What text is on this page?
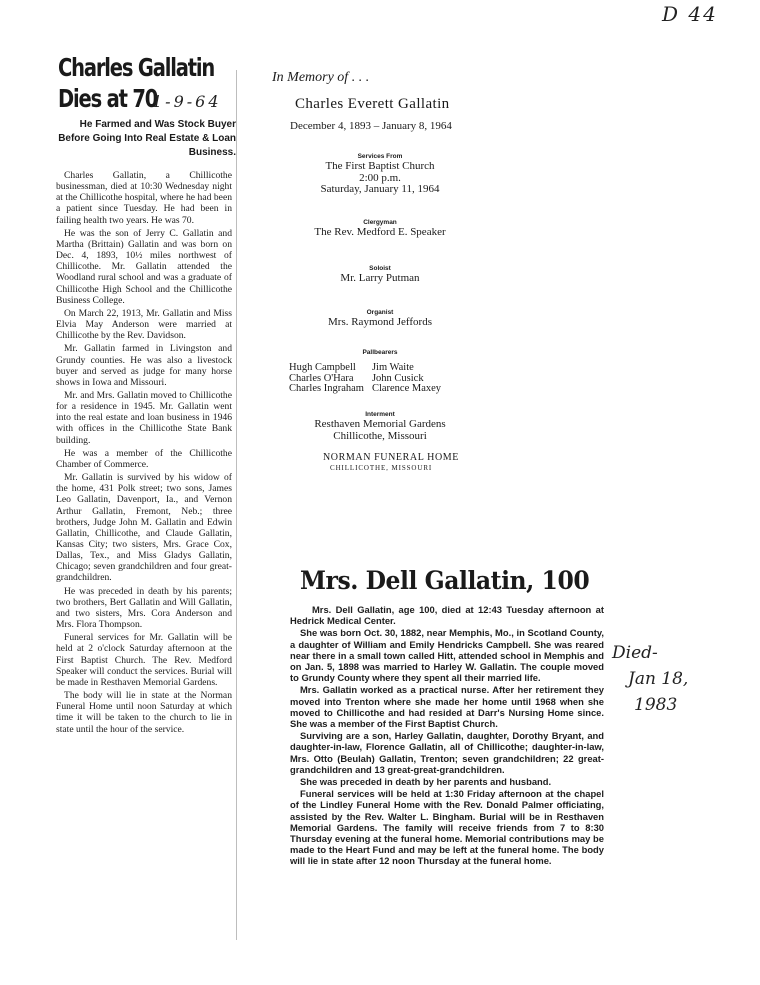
D 44
Charles Gallatin
Dies at 70
1-9-64
He Farmed and Was Stock Buyer Before Going Into Real Estate & Loan Business.

Charles Gallatin, a Chillicothe businessman, died at 10:30 Wednesday night at the Chillicothe hospital, where he had been a patient since Tuesday. He had been in failing health two years. He was 70.

He was the son of Jerry C. Gallatin and Martha (Brittain) Gallatin and was born on Dec. 4, 1893, 10½ miles northwest of Chillicothe. Mr. Gallatin attended the Woodland rural school and was a graduate of Chillicothe High School and the Chillicothe Business College.

On March 22, 1913, Mr. Gallatin and Miss Elvia May Anderson were married at Chillicothe by the Rev. Davidson.

Mr. Gallatin farmed in Livingston and Grundy counties. He was also a livestock buyer and served as judge for many horse shows in Iowa and Missouri.

Mr. and Mrs. Gallatin moved to Chillicothe for a residence in 1945. Mr. Gallatin went into the real estate and loan business in 1946 with offices in the Chillicothe State Bank building.

He was a member of the Chillicothe Chamber of Commerce.

Mr. Gallatin is survived by his widow of the home, 431 Polk street; two sons, James Leo Gallatin, Davenport, Ia., and Vernon Arthur Gallatin, Fremont, Neb.; three brothers, Judge John M. Gallatin and Edwin Gallatin, Chillicothe, and Claude Gallatin, Kansas City; two sisters, Mrs. Grace Cox, Dallas, Tex., and Miss Gladys Gallatin, Chicago; seven grandchildren and four great-grandchildren.

He was preceded in death by his parents; two brothers, Bert Gallatin and Will Gallatin, and two sisters, Mrs. Cora Anderson and Mrs. Flora Thompson.

Funeral services for Mr. Gallatin will be held at 2 o'clock Saturday afternoon at the First Baptist Church. The Rev. Medford Speaker will conduct the services. Burial will be made in Resthaven Memorial Gardens.

The body will lie in state at the Norman Funeral Home until noon Saturday at which time it will be taken to the church to lie in state until the hour of the service.

In Memory of . . .
Charles Everett Gallatin
December 4, 1893 – January 8, 1964
Services From
The First Baptist Church
2:00 p.m.
Saturday, January 11, 1964
Clergyman
The Rev. Medford E. Speaker
Soloist
Mr. Larry Putman
Organist
Mrs. Raymond Jeffords
Pallbearers
Hugh Campbell	Jim Waite
Charles O'Hara	John Cusick
Charles Ingraham	Clarence Maxey
Interment
Resthaven Memorial Gardens
Chillicothe, Missouri
NORMAN FUNERAL HOME
CHILLICOTHE, MISSOURI
Mrs. Dell Gallatin, 100

Mrs. Dell Gallatin, age 100, died at 12:43 Tuesday afternoon at Hedrick Medical Center.

She was born Oct. 30, 1882, near Memphis, Mo., in Scotland County, a daughter of William and Emily Hendricks Campbell. She was reared near there in a small town called Hitt, attended school in Memphis and on Jan. 5, 1898 was married to Harley W. Gallatin. The couple moved to Grundy County where they spent all their married life.

Mrs. Gallatin worked as a practical nurse. After her retirement they moved into Trenton where she made her home until 1968 when she moved to Chillicothe and had resided at Darr's Nursing Home since. She was a member of the First Baptist Church.

Surviving are a son, Harley Gallatin, daughter, Dorothy Bryant, and daughter-in-law, Florence Gallatin, all of Chillicothe; daughter-in-law, Mrs. Otto (Beulah) Gallatin, Trenton; seven grandchildren; 22 great-grandchildren and 13 great-great-grandchildren.

She was preceded in death by her parents and husband.

Funeral services will be held at 1:30 Friday afternoon at the chapel of the Lindley Funeral Home with the Rev. Donald Palmer officiating, assisted by the Rev. Walter L. Bingham. Burial will be in Resthaven Memorial Gardens. The family will receive friends from 7 to 8:30 Thursday evening at the funeral home. Memorial contributions may be made to the Heart Fund and may be left at the funeral home. The body will lie in state after 12 noon Thursday at the funeral home.

Died-
Jan 18,
1983
